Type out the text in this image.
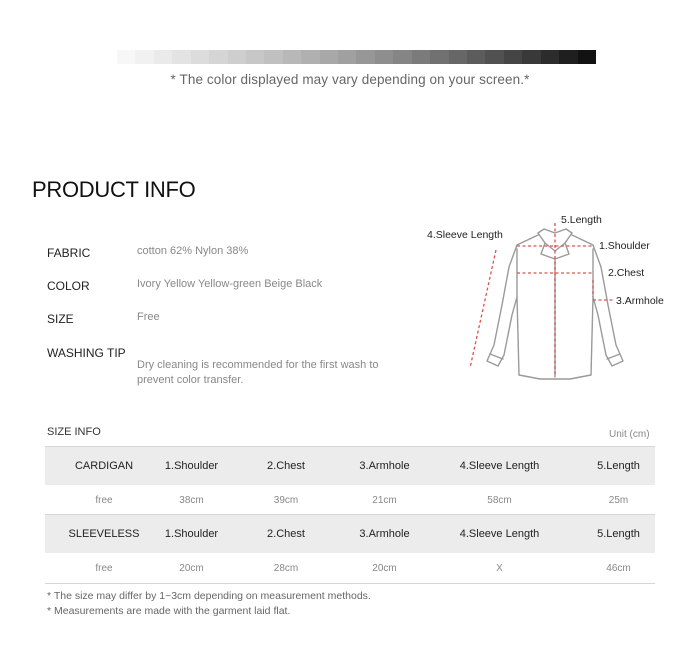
* The color displayed may vary depending on your screen.*
PRODUCT INFO
FABRIC	cotton 62% Nylon 38%
COLOR	Ivory Yellow Yellow-green Beige Black
SIZE	Free
WASHING TIP
Dry cleaning is recommended for the first wash to
prevent color transfer.
5.Length
4.Sleeve Length
1.Shoulder
2.Chest
3.Armhole
SIZE INFO	Unit (cm)
CARDIGAN	1.Shoulder	2.Chest	3.Armhole	4.Sleeve Length	5.Length
free	38cm	39cm	21cm	58cm	25m
SLEEVELESS	1.Shoulder	2.Chest	3.Armhole	4.Sleeve Length	5.Length
free	20cm	28cm	20cm	X	46cm
* The size may differ by 1~3cm depending on measurement methods.
* Measurements are made with the garment laid flat.
